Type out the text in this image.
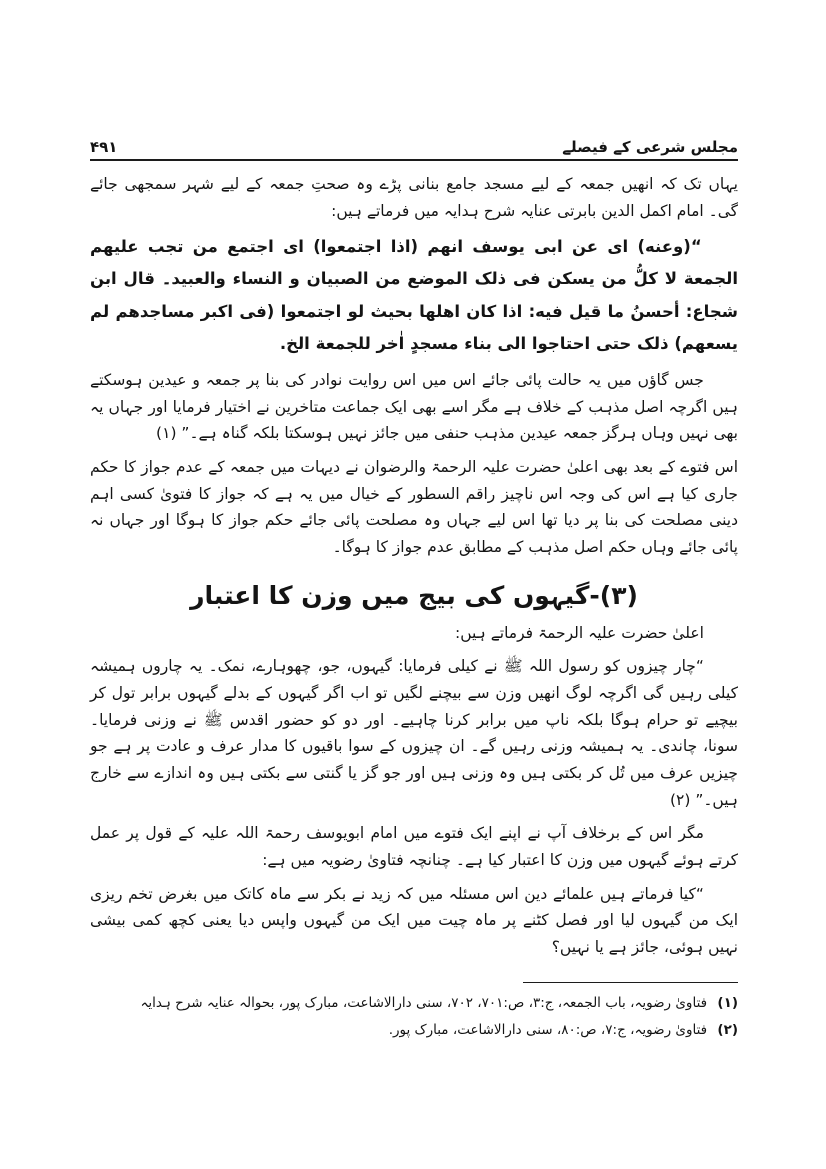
مجلس شرعی کے فیصلے
۴۹۱

یہاں تک کہ انھیں جمعہ کے لیے مسجد جامع بنانی پڑے وہ صحتِ جمعہ کے لیے شہر سمجھی جائے گی۔ امام اکمل الدین بابرتی عنایہ شرح ہدایہ میں فرماتے ہیں:

“(وعنه) ای عن ابی یوسف انهم (اذا اجتمعوا) ای اجتمع من تجب علیهم الجمعة لا کلُّ من یسکن فی ذلک الموضع من الصبیان و النساء والعبید۔ قال ابن شجاع: أحسنُ ما قیل فیه: اذا کان اهلها بحیث لو اجتمعوا (فی اکبر مساجدهم لم یسعهم) ذلک حتی احتاجوا الی بناء مسجدٍ اٰخر للجمعة الخ.

جس گاؤں میں یہ حالت پائی جائے اس میں اس روایت نوادر کی بنا پر جمعہ و عیدین ہوسکتے ہیں اگرچہ اصل مذہب کے خلاف ہے مگر اسے بھی ایک جماعت متاخرین نے اختیار فرمایا اور جہاں یہ بھی نہیں وہاں ہرگز جمعہ عیدین مذہب حنفی میں جائز نہیں ہوسکتا بلکہ گناہ ہے۔” (۱)

اس فتوے کے بعد بھی اعلیٰ حضرت علیہ الرحمۃ والرضوان نے دیہات میں جمعہ کے عدم جواز کا حکم جاری کیا ہے اس کی وجہ اس ناچیز راقم السطور کے خیال میں یہ ہے کہ جواز کا فتویٰ کسی اہم دینی مصلحت کی بنا پر دیا تھا اس لیے جہاں وہ مصلحت پائی جائے حکم جواز کا ہوگا اور جہاں نہ پائی جائے وہاں حکم اصل مذہب کے مطابق عدم جواز کا ہوگا۔

(۳)-گیہوں کی بیج میں وزن کا اعتبار

اعلیٰ حضرت علیہ الرحمۃ فرماتے ہیں:

“چار چیزوں کو رسول اللہ ﷺ نے کیلی فرمایا: گیہوں، جو، چھوہارے، نمک۔ یہ چاروں ہمیشہ کیلی رہیں گی اگرچہ لوگ انھیں وزن سے بیچنے لگیں تو اب اگر گیہوں کے بدلے گیہوں برابر تول کر بیچیے تو حرام ہوگا بلکہ ناپ میں برابر کرنا چاہیے۔ اور دو کو حضور اقدس ﷺ نے وزنی فرمایا۔ سونا، چاندی۔ یہ ہمیشہ وزنی رہیں گے۔ ان چیزوں کے سوا باقیوں کا مدار عرف و عادت پر ہے جو چیزیں عرف میں تُل کر بکتی ہیں وہ وزنی ہیں اور جو گز یا گنتی سے بکتی ہیں وہ اندازے سے خارج ہیں۔” (۲)

مگر اس کے برخلاف آپ نے اپنے ایک فتوے میں امام ابویوسف رحمۃ اللہ علیہ کے قول پر عمل کرتے ہوئے گیہوں میں وزن کا اعتبار کیا ہے۔ چنانچہ فتاویٰ رضویہ میں ہے:

“کیا فرماتے ہیں علمائے دین اس مسئلہ میں کہ زید نے بکر سے ماہ کاتک میں بغرض تخم ریزی ایک من گیہوں لیا اور فصل کٹنے پر ماہ چیت میں ایک من گیہوں واپس دیا یعنی کچھ کمی بیشی نہیں ہوئی، جائز ہے یا نہیں؟

(۱) فتاویٰ رضویہ، باب الجمعہ، ج:۳، ص:۷۰۱، ۷۰۲، سنی دارالاشاعت، مبارک پور، بحوالہ عنایہ شرح ہدایہ

(۲) فتاویٰ رضویہ، ج:۷، ص:۸۰، سنی دارالاشاعت، مبارک پور.
